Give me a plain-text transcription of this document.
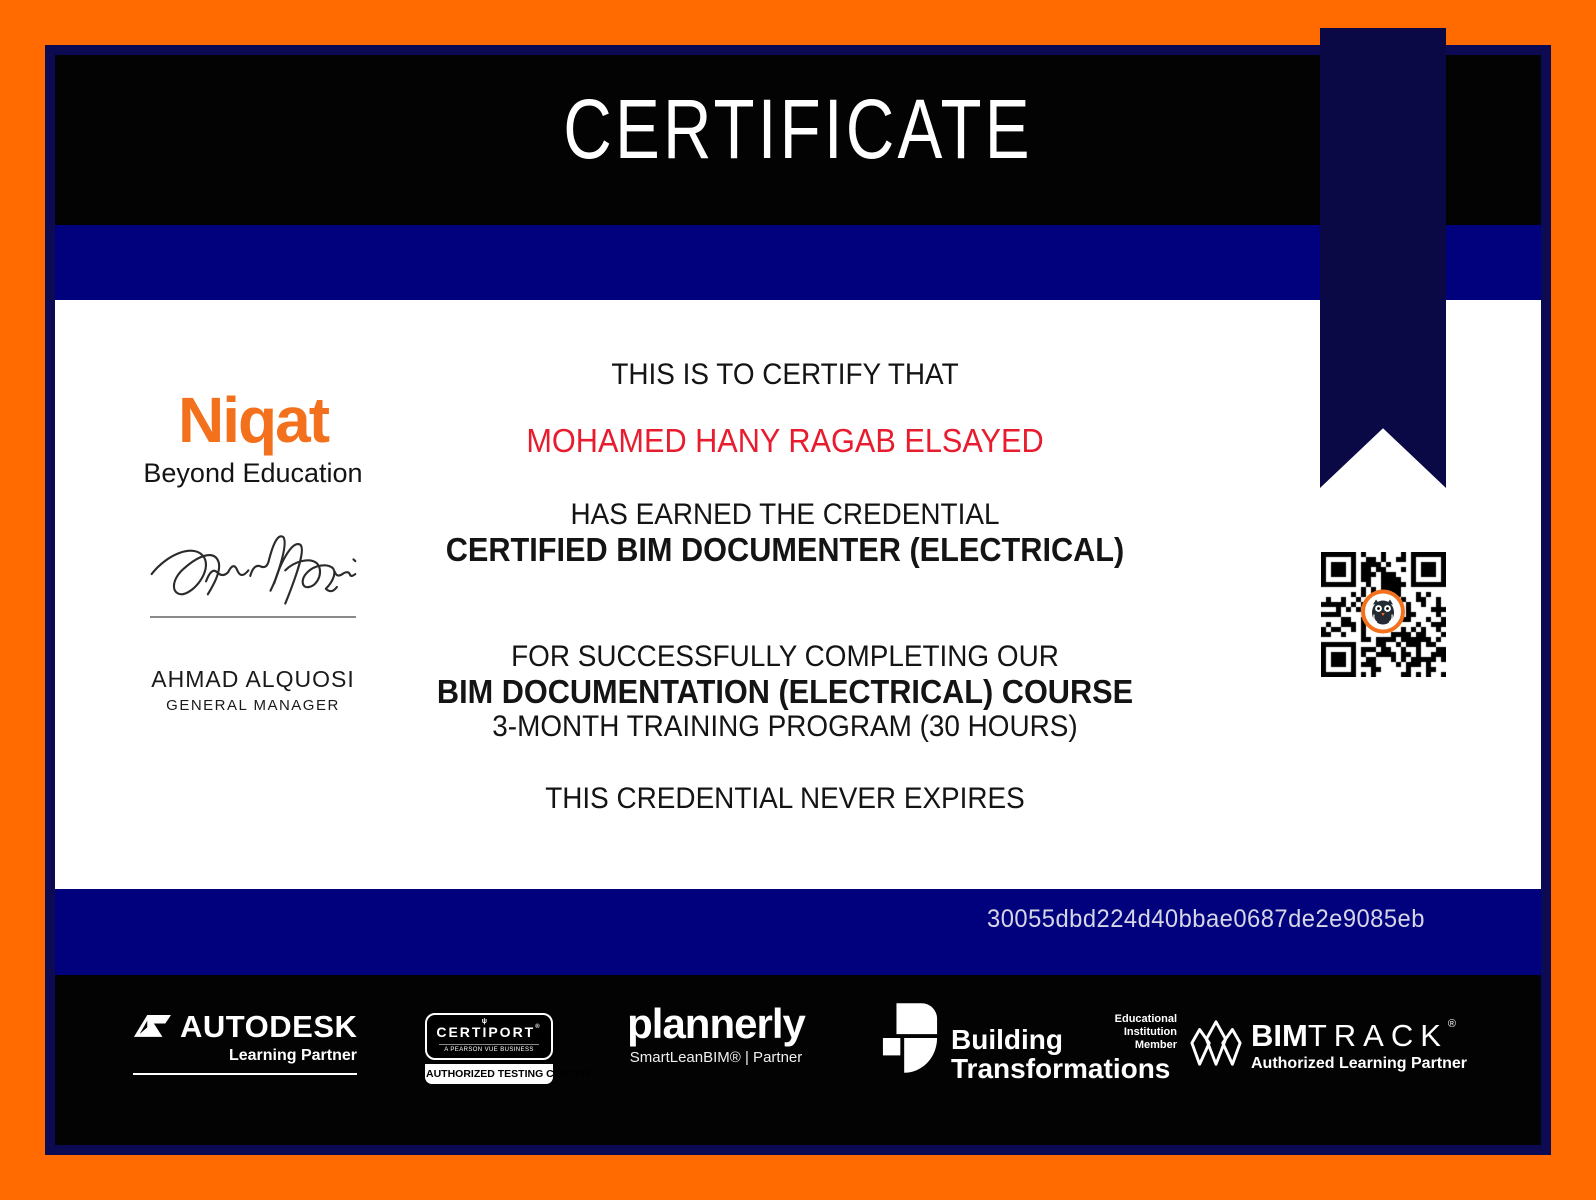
CERTIFICATE
Niqat
Beyond Education
AHMAD ALQUOSI
GENERAL MANAGER
THIS IS TO CERTIFY THAT
MOHAMED HANY RAGAB ELSAYED
HAS EARNED THE CREDENTIAL
CERTIFIED BIM DOCUMENTER (ELECTRICAL)
FOR SUCCESSFULLY COMPLETING OUR
BIM DOCUMENTATION (ELECTRICAL) COURSE
3-MONTH TRAINING PROGRAM (30 HOURS)
THIS CREDENTIAL NEVER EXPIRES
30055dbd224d40bbae0687de2e9085eb
AUTODESK
Learning Partner
CERT
ψ
IPORT®
A PEARSON VUE BUSINESS
AUTHORIZED TESTING CENTER
plannerly
SmartLeanBIM® | Partner
Building
Transformations
Educational Institution Member BIMTRACK®
Authorized Learning Partner
